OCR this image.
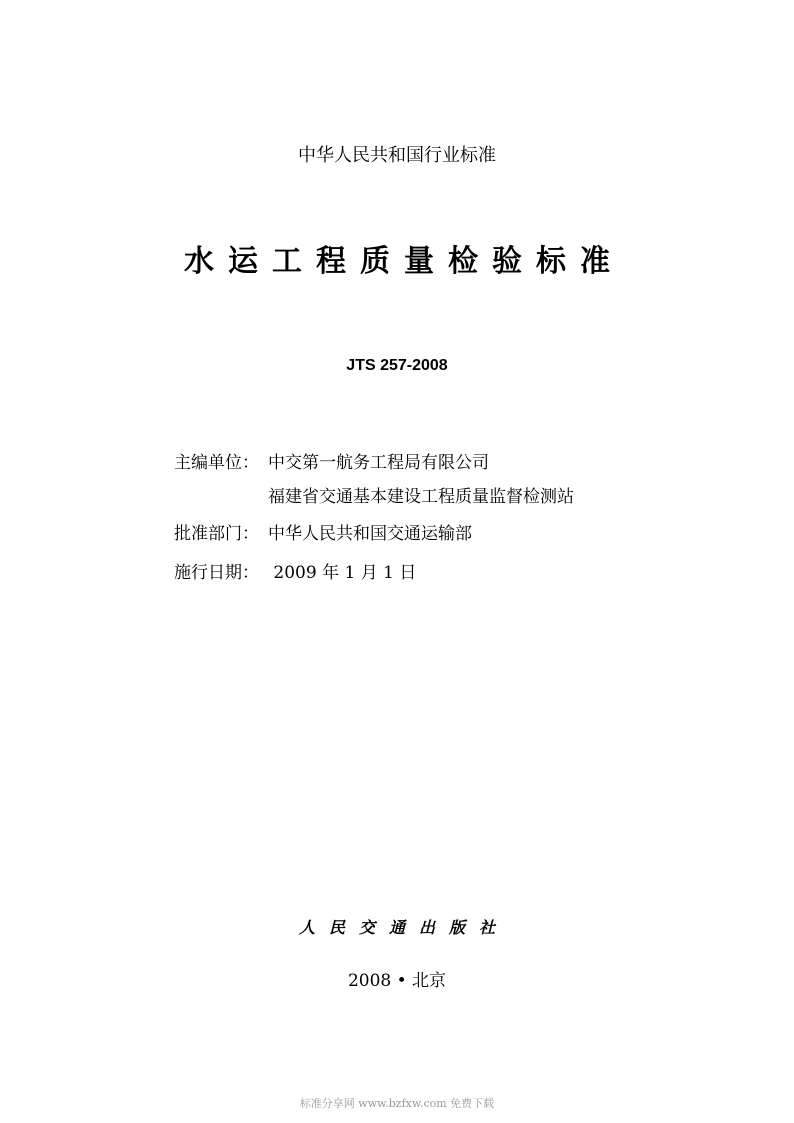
中华人民共和国行业标准
水运工程质量检验标准
JTS 257-2008
主编单位： 中交第一航务工程局有限公司
福建省交通基本建设工程质量监督检测站
批准部门： 中华人民共和国交通运输部
施行日期： 2009 年 1 月 1 日
人民交通出版社
2008 • 北京
标准分享网 www.bzfxw.com 免费下载
